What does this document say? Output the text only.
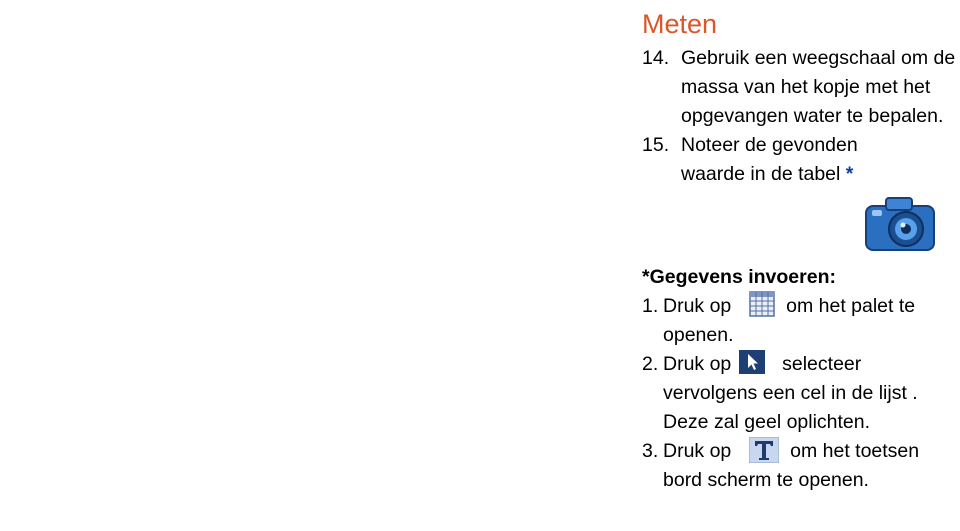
Meten
14. Gebruik een weegschaal om de massa van het kopje met het opgevangen water te bepalen.
15. Noteer de gevonden waarde in de tabel *
*Gegevens invoeren:
1. Druk op	om het palet te openen.
2. Druk op	selecteer vervolgens een cel in de lijst . Deze zal geel oplichten.
3. Druk op	om het toetsen bord scherm te openen.
